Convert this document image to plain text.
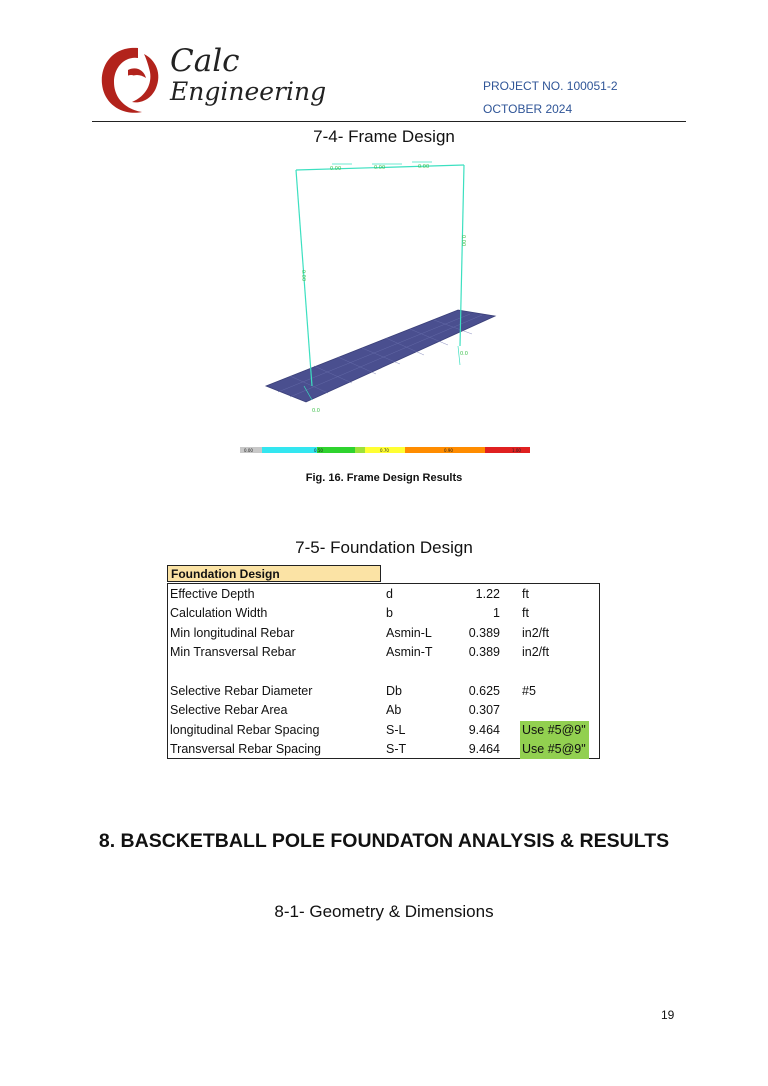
Calc
Engineering	PROJECT NO. 100051-2
OCTOBER 2024
7-4- Frame Design
0.00	0.00	0.00
0.00
0.00
0.0
0.0
0.00	0.50	0.70	0.90	1.00
Fig. 16. Frame Design Results
7-5- Foundation Design
Foundation Design
Effective Depth	d	1.22 ft
Calculation Width	b	1 ft
Min longitudinal Rebar	Asmin-L	0.389 in2/ft
Min Transversal Rebar	Asmin-T	0.389 in2/ft
Selective Rebar Diameter	Db	0.625 #5
Selective Rebar Area	Ab	0.307
longitudinal Rebar Spacing	S-L	9.464 Use #5@9"
Transversal Rebar Spacing	S-T	9.464 Use #5@9"
8. BASCKETBALL POLE FOUNDATON ANALYSIS & RESULTS
8-1- Geometry & Dimensions
19
